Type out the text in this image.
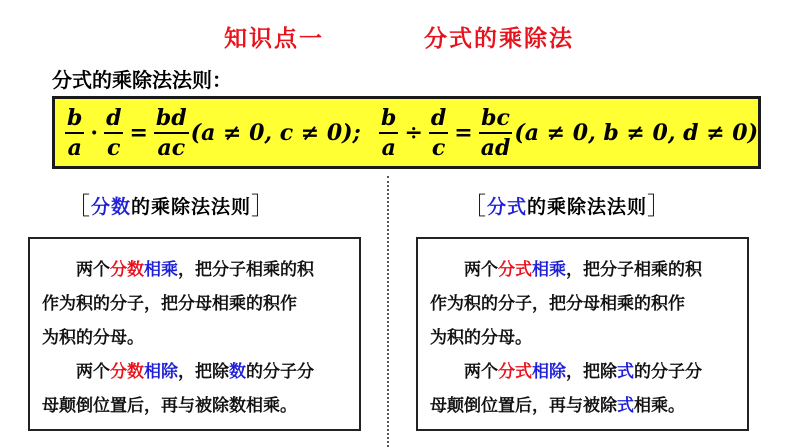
知识点一	分式的乘除法
分式的乘除法法则：
$\frac{b}{a} \cdot \frac{d}{c} = \frac{bd}{ac} (a \ne 0$, c ≠ 0); $\frac{b}{a} \div \frac{d}{c} = \frac{bc}{ad} (a \ne 0$, b ≠ 0, d ≠ 0)
［分数的乘除法法则］	［分式的乘除法法则］

两个分数相乘，把分子相乘的积

作为积的分子，把分母相乘的积作

为积的分母。

两个分数相除，把除数的分子分

母颠倒位置后，再与被除数相乘。

两个分式相乘，把分子相乘的积

作为积的分子，把分母相乘的积作

为积的分母。

两个分式相除，把除式的分子分

母颠倒位置后，再与被除式相乘。
